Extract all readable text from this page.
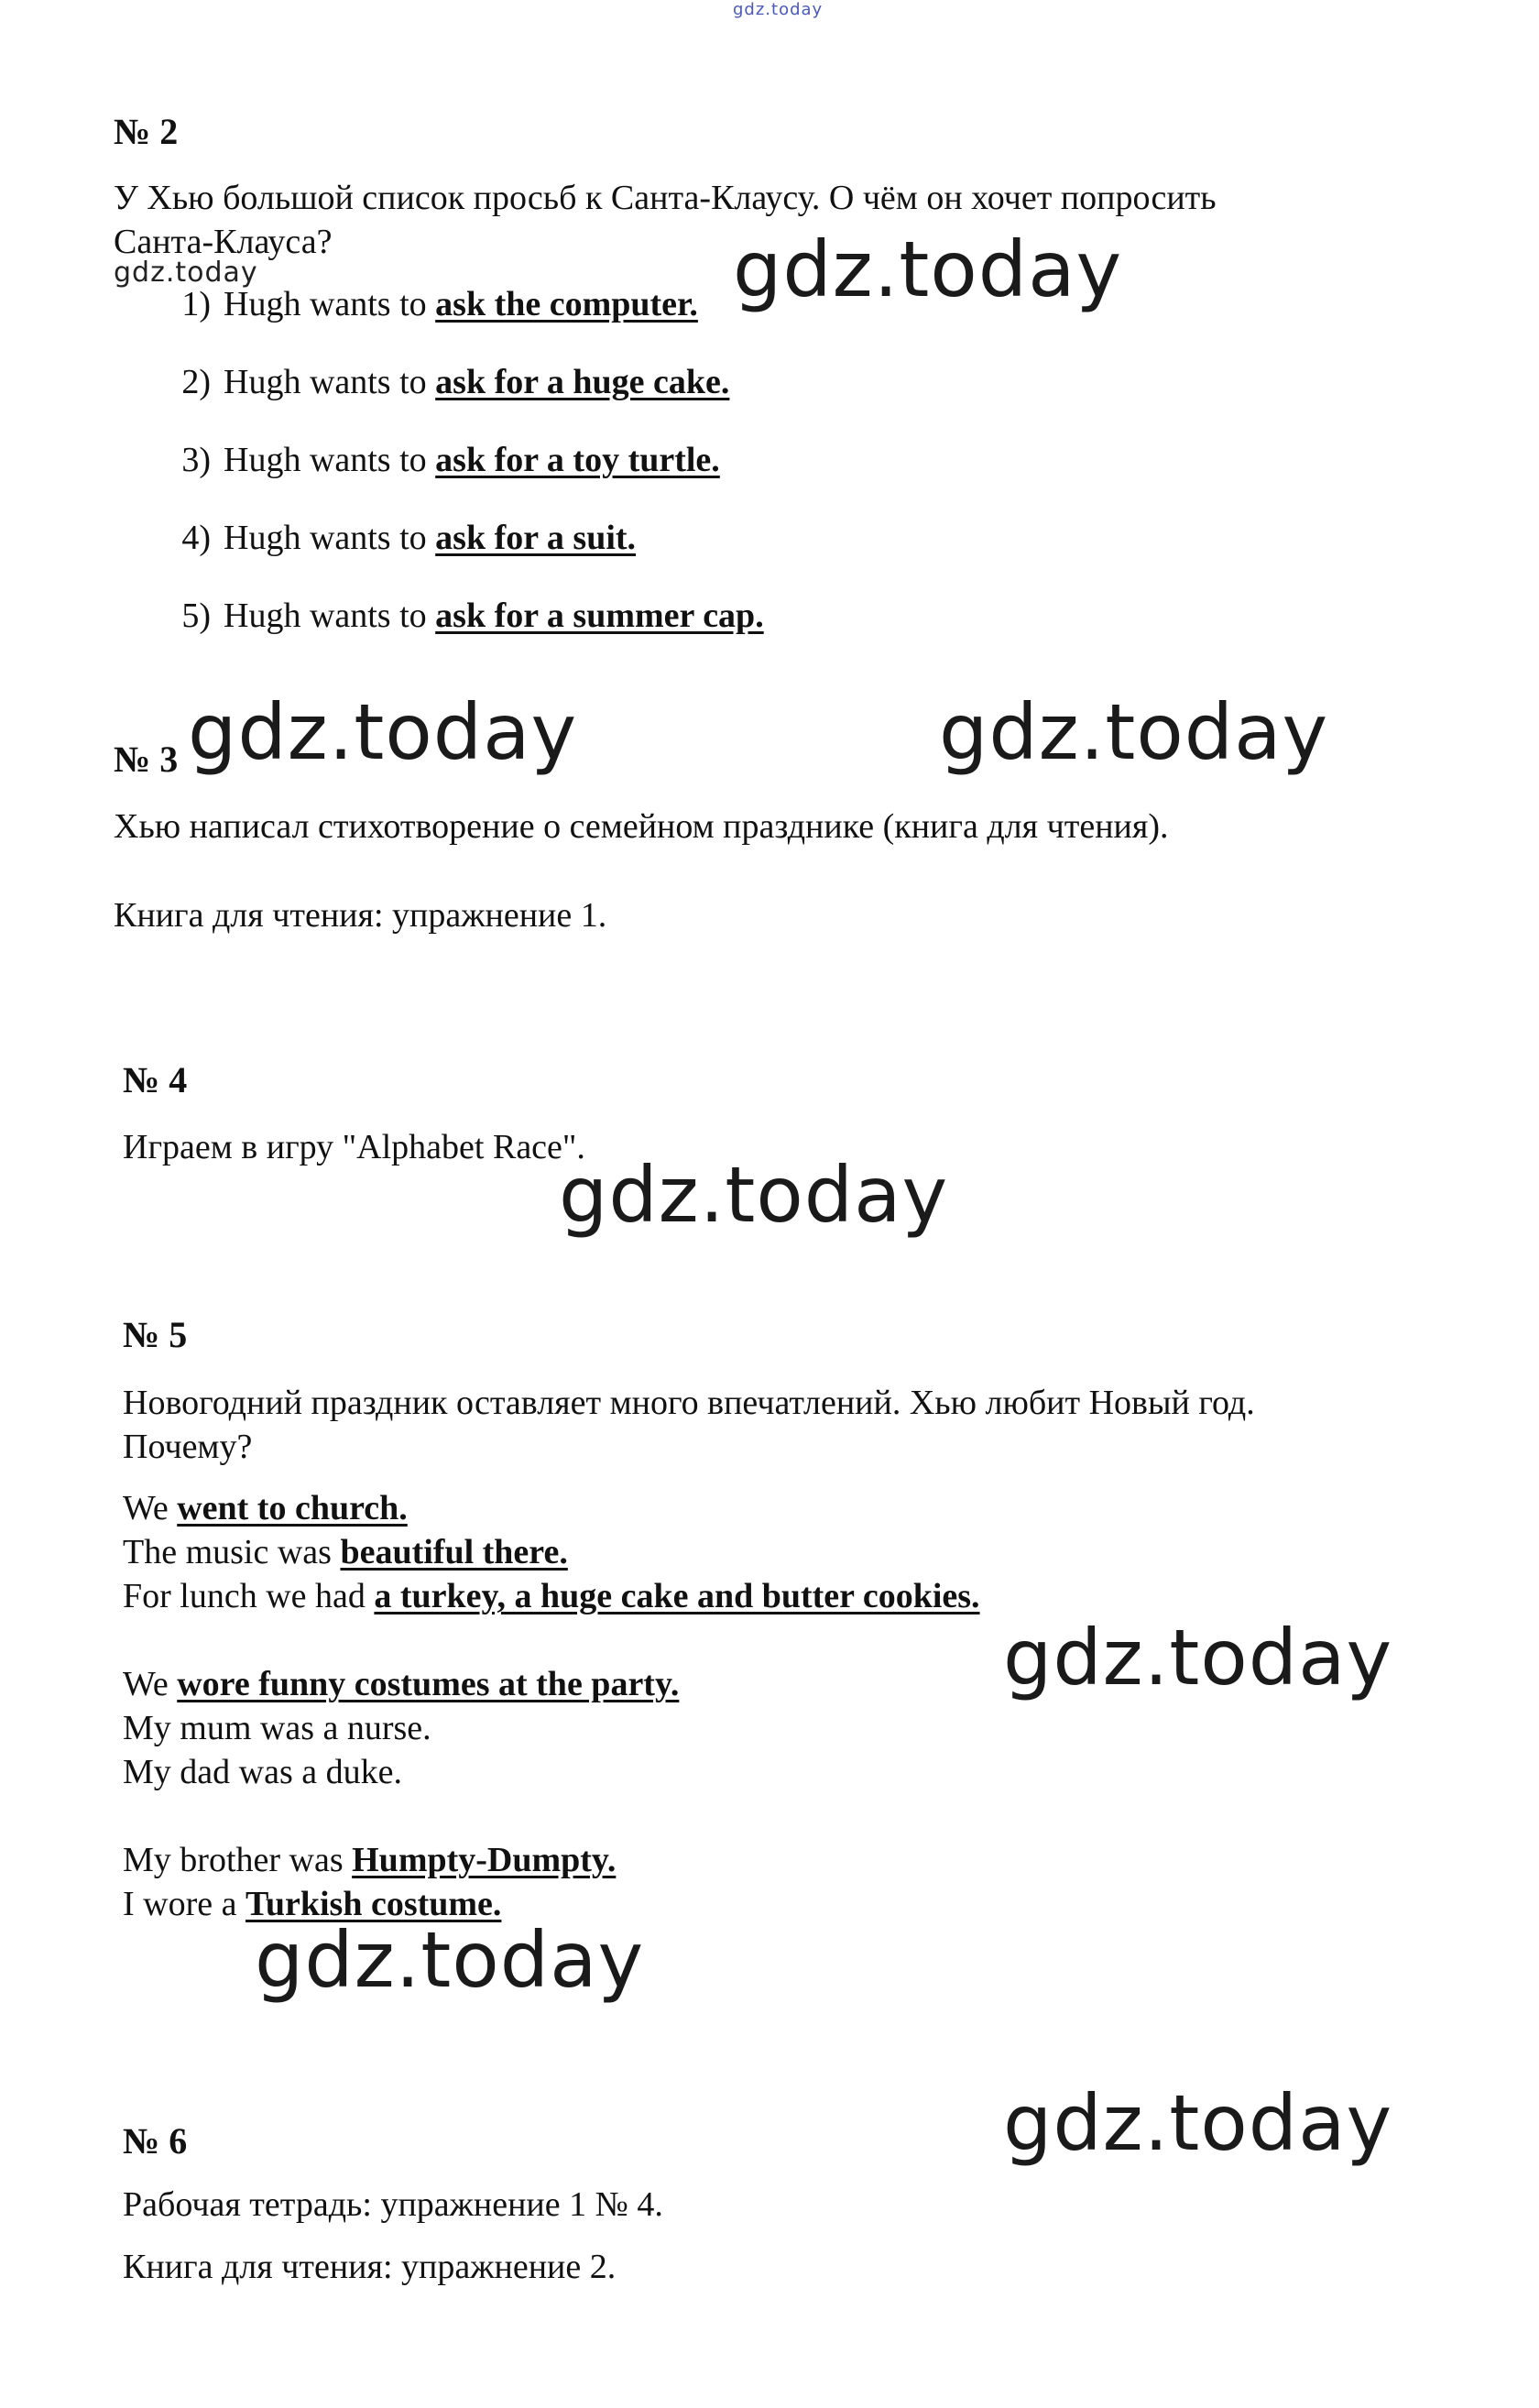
gdz.today
№ 2
У Хью большой список просьб к Санта-Клаусу. О чём он хочет попросить
Санта-Клауса?
gdz.today
1) Hugh wants to ask the computer.
2) Hugh wants to ask for a huge cake.
3) Hugh wants to ask for a toy turtle.
4) Hugh wants to ask for a suit.
5) Hugh wants to ask for a summer cap.
gdz.today
№ 3 gdz.today	gdz.today
Хью написал стихотворение о семейном празднике (книга для чтения).
Книга для чтения: упражнение 1.
№ 4
Играем в игру "Alphabet Race".
gdz.today
№ 5
Новогодний праздник оставляет много впечатлений. Хью любит Новый год.
Почему?
We went to church.
The music was beautiful there.
For lunch we had a turkey, a huge cake and butter cookies.
We wore funny costumes at the party.	gdz.today
My mum was a nurse.
My dad was a duke.
My brother was Humpty-Dumpty.
I wore a Turkish costume.
gdz.today
№ 6	gdz.today
Рабочая тетрадь: упражнение 1 № 4.
Книга для чтения: упражнение 2.
